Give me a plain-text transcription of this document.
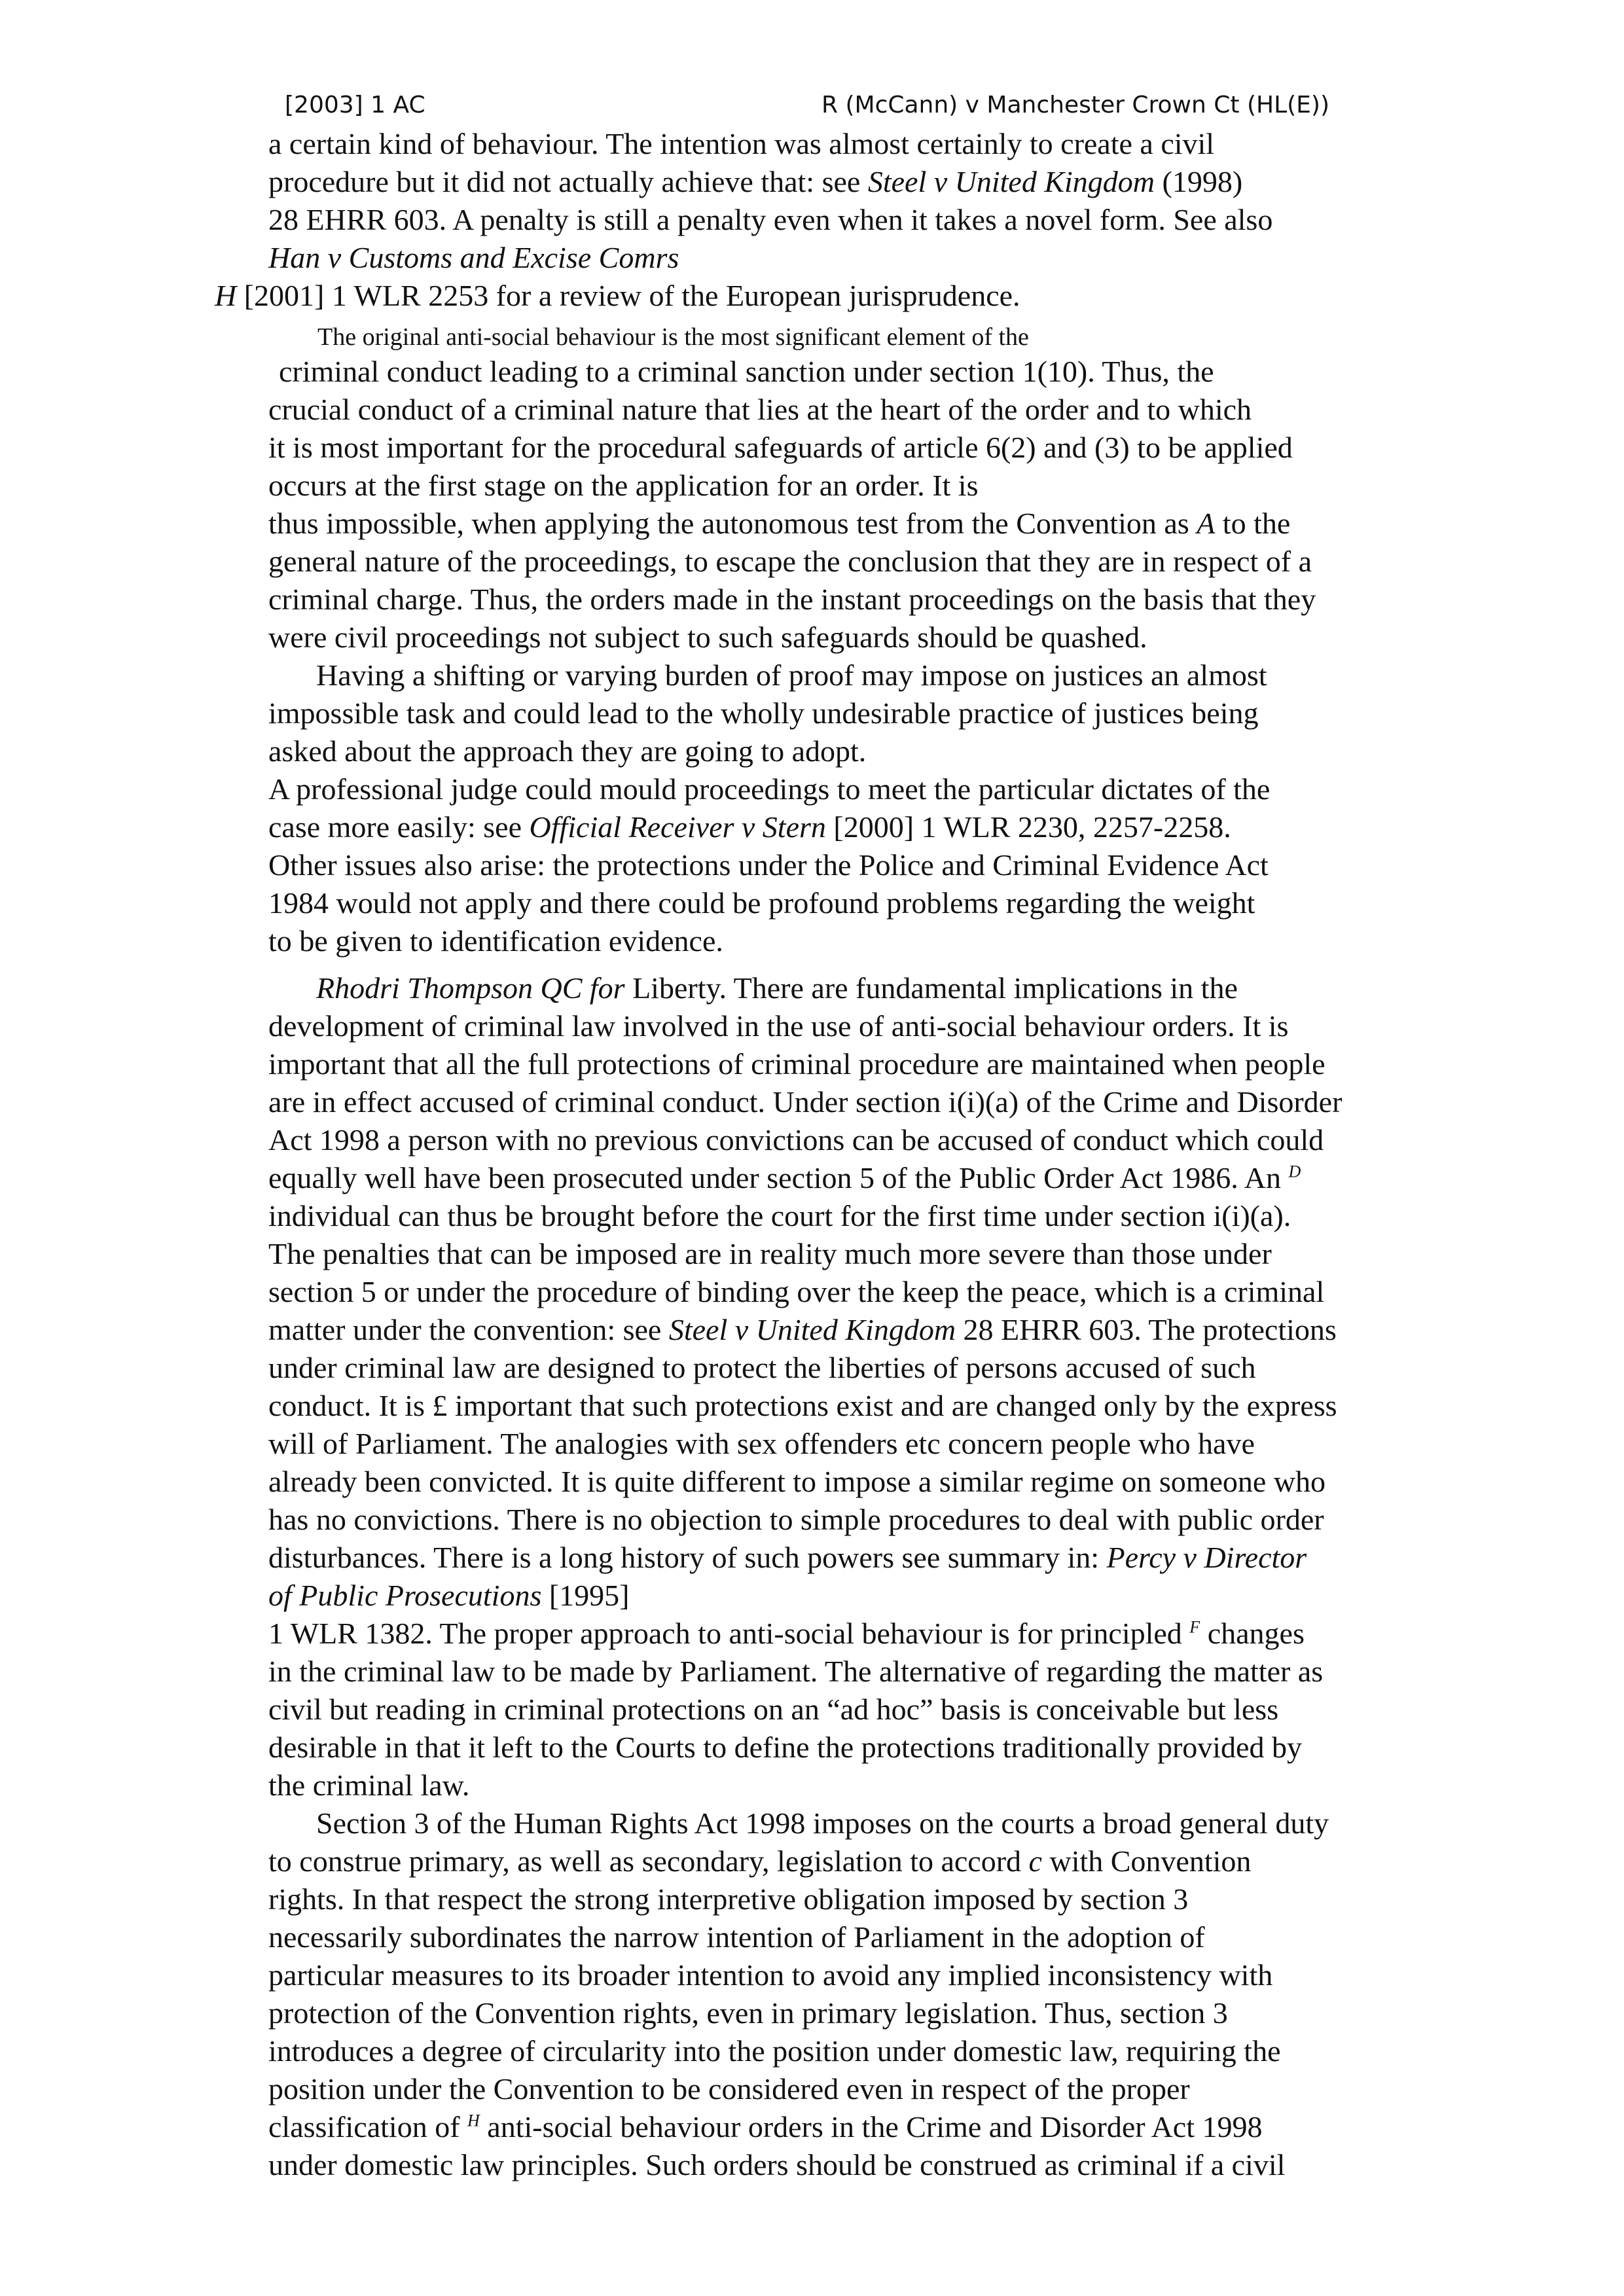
[2003] 1 AC	R (McCann) v Manchester Crown Ct (HL(E))
a certain kind of behaviour. The intention was almost certainly to create a civil
procedure but it did not actually achieve that: see Steel v United Kingdom (1998)
28 EHRR 603. A penalty is still a penalty even when it takes a novel form. See also
Han v Customs and Excise Comrs
H [2001] 1 WLR 2253 for a review of the European jurisprudence.
The original anti-social behaviour is the most significant element of the
criminal conduct leading to a criminal sanction under section 1(10). Thus, the
crucial conduct of a criminal nature that lies at the heart of the order and to which
it is most important for the procedural safeguards of article 6(2) and (3) to be applied
occurs at the first stage on the application for an order. It is
thus impossible, when applying the autonomous test from the Convention as A to the
general nature of the proceedings, to escape the conclusion that they are in respect of a
criminal charge. Thus, the orders made in the instant proceedings on the basis that they
were civil proceedings not subject to such safeguards should be quashed.
Having a shifting or varying burden of proof may impose on justices an almost
impossible task and could lead to the wholly undesirable practice of justices being
asked about the approach they are going to adopt.
A professional judge could mould proceedings to meet the particular dictates of the
case more easily: see Official Receiver v Stern [2000] 1 WLR 2230, 2257-2258.
Other issues also arise: the protections under the Police and Criminal Evidence Act
1984 would not apply and there could be profound problems regarding the weight
to be given to identification evidence.
Rhodri Thompson QC for Liberty. There are fundamental implications in the
development of criminal law involved in the use of anti-social behaviour orders. It is
important that all the full protections of criminal procedure are maintained when people
are in effect accused of criminal conduct. Under section i(i)(a) of the Crime and Disorder
Act 1998 a person with no previous convictions can be accused of conduct which could
equally well have been prosecuted under section 5 of the Public Order Act 1986. An $^D$
individual can thus be brought before the court for the first time under section i(i)(a).
The penalties that can be imposed are in reality much more severe than those under
section 5 or under the procedure of binding over the keep the peace, which is a criminal
matter under the convention: see Steel v United Kingdom 28 EHRR 603. The protections
under criminal law are designed to protect the liberties of persons accused of such
conduct. It is £ important that such protections exist and are changed only by the express
will of Parliament. The analogies with sex offenders etc concern people who have
already been convicted. It is quite different to impose a similar regime on someone who
has no convictions. There is no objection to simple procedures to deal with public order
disturbances. There is a long history of such powers see summary in: Percy v Director
of Public Prosecutions [1995]
1 WLR 1382. The proper approach to anti-social behaviour is for principled $^F$ changes
in the criminal law to be made by Parliament. The alternative of regarding the matter as
civil but reading in criminal protections on an “ad hoc” basis is conceivable but less
desirable in that it left to the Courts to define the protections traditionally provided by
the criminal law.
Section 3 of the Human Rights Act 1998 imposes on the courts a broad general duty
to construe primary, as well as secondary, legislation to accord c with Convention
rights. In that respect the strong interpretive obligation imposed by section 3
necessarily subordinates the narrow intention of Parliament in the adoption of
particular measures to its broader intention to avoid any implied inconsistency with
protection of the Convention rights, even in primary legislation. Thus, section 3
introduces a degree of circularity into the position under domestic law, requiring the
position under the Convention to be considered even in respect of the proper
classification of $^H$ anti-social behaviour orders in the Crime and Disorder Act 1998
under domestic law principles. Such orders should be construed as criminal if a civil
